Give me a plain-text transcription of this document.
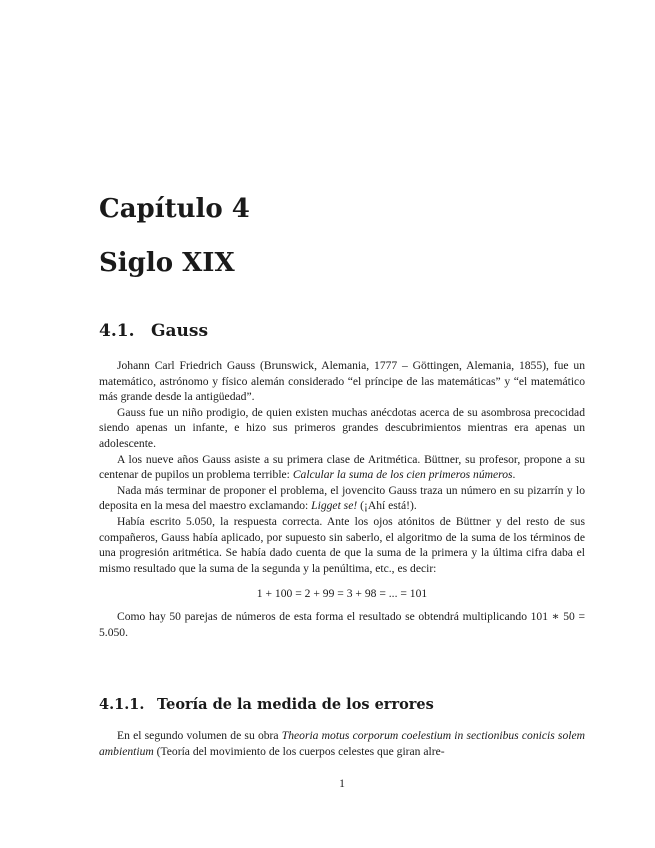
Capítulo 4
Siglo XIX
4.1. Gauss

Johann Carl Friedrich Gauss (Brunswick, Alemania, 1777 – Göttingen, Alemania, 1855), fue un matemático, astrónomo y físico alemán considerado “el príncipe de las matemáticas” y “el matemático más grande desde la antigüedad”.

Gauss fue un niño prodigio, de quien existen muchas anécdotas acerca de su asombrosa precocidad siendo apenas un infante, e hizo sus primeros grandes descubrimientos mientras era apenas un adolescente.

A los nueve años Gauss asiste a su primera clase de Aritmética. Büttner, su profesor, propone a su centenar de pupilos un problema terrible: Calcular la suma de los cien primeros números.

Nada más terminar de proponer el problema, el jovencito Gauss traza un número en su pizarrín y lo deposita en la mesa del maestro exclamando: Ligget se! (¡Ahí está!).

Había escrito 5.050, la respuesta correcta. Ante los ojos atónitos de Büttner y del resto de sus compañeros, Gauss había aplicado, por supuesto sin saberlo, el algoritmo de la suma de los términos de una progresión aritmética. Se había dado cuenta de que la suma de la primera y la última cifra daba el mismo resultado que la suma de la segunda y la penúltima, etc., es decir:

1 + 100 = 2 + 99 = 3 + 98 = ... = 101

Como hay 50 parejas de números de esta forma el resultado se obtendrá multiplicando 101 ∗ 50 = 5.050.

4.1.1. Teoría de la medida de los errores

En el segundo volumen de su obra Theoria motus corporum coelestium in sectionibus conicis solem ambientium (Teoría del movimiento de los cuerpos celestes que giran alre-

1
